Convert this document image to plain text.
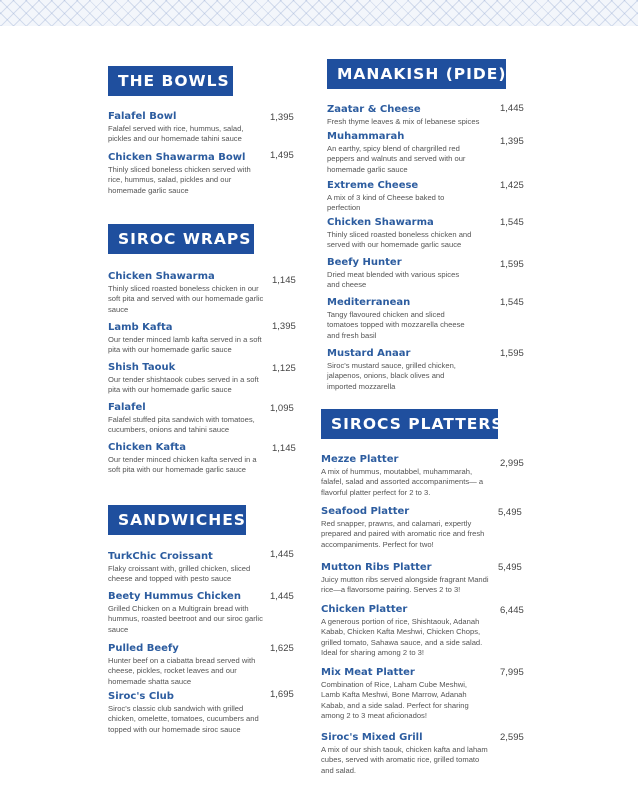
THE BOWLS
Falafel Bowl
Falafel served with rice, hummus, salad, pickles and our homemade tahini sauce
1,395
Chicken Shawarma Bowl
Thinly sliced boneless chicken served with rice, hummus, salad, pickles and our homemade garlic sauce
1,495
SIROC WRAPS
Chicken Shawarma
Thinly sliced roasted boneless chicken in our soft pita and served with our homemade garlic sauce
1,145
Lamb Kafta
Our tender minced lamb kafta served in a soft pita with our homemade garlic sauce
1,395
Shish Taouk
Our tender shishtaook cubes served in a soft pita with our homemade garlic sauce
1,125
Falafel
Falafel stuffed pita sandwich with tomatoes, cucumbers, onions and tahini sauce
1,095
Chicken Kafta
Our tender minced chicken kafta served in a soft pita with our homemade garlic sauce
1,145
SANDWICHES
TurkChic Croissant
Flaky croissant with, grilled chicken, sliced cheese and topped with pesto sauce
1,445
Beety Hummus Chicken
Grilled Chicken on a Multigrain bread with hummus, roasted beetroot and our siroc garlic sauce
1,445
Pulled Beefy
Hunter beef on a ciabatta bread served with cheese, pickles, rocket leaves and our homemade shatta sauce
1,625
Siroc's Club
Siroc's classic club sandwich with grilled chicken, omelette, tomatoes, cucumbers and topped with our homemade siroc sauce
1,695
MANAKISH (PIDE)
Zaatar & Cheese
Fresh thyme leaves & mix of lebanese spices
1,445
Muhammarah
An earthy, spicy blend of chargrilled red peppers and walnuts and served with our homemade garlic sauce
1,395
Extreme Cheese
A mix of 3 kind of Cheese baked to perfection
1,425
Chicken Shawarma
Thinly sliced roasted boneless chicken and served with our homemade garlic sauce
1,545
Beefy Hunter
Dried meat blended with various spices and cheese
1,595
Mediterranean
Tangy flavoured chicken and sliced tomatoes topped with mozzarella cheese and fresh basil
1,545
Mustard Anaar
Siroc's mustard sauce, grilled chicken, jalapenos, onions, black olives and imported mozzarella
1,595
SIROCS PLATTERS
Mezze Platter
A mix of hummus, moutabbel, muhammarah, falafel, salad and assorted accompaniments— a flavorful platter perfect for 2 to 3.
2,995
Seafood Platter
Red snapper, prawns, and calamari, expertly prepared and paired with aromatic rice and fresh accompaniments. Perfect for two!
5,495
Mutton Ribs Platter
Juicy mutton ribs served alongside fragrant Mandi rice—a flavorsome pairing. Serves 2 to 3!
5,495
Chicken Platter
A generous portion of rice, Shishtaouk, Adanah Kabab, Chicken Kafta Meshwi, Chicken Chops, grilled tomato, Sahawa sauce, and a side salad. Ideal for sharing among 2 to 3!
6,445
Mix Meat Platter
Combination of Rice, Laham Cube Meshwi, Lamb Kafta Meshwi, Bone Marrow, Adanah Kabab, and a side salad. Perfect for sharing among 2 to 3 meat aficionados!
7,995
Siroc's Mixed Grill
A mix of our shish taouk, chicken kafta and laham cubes, served with aromatic rice, grilled tomato and salad.
2,595
